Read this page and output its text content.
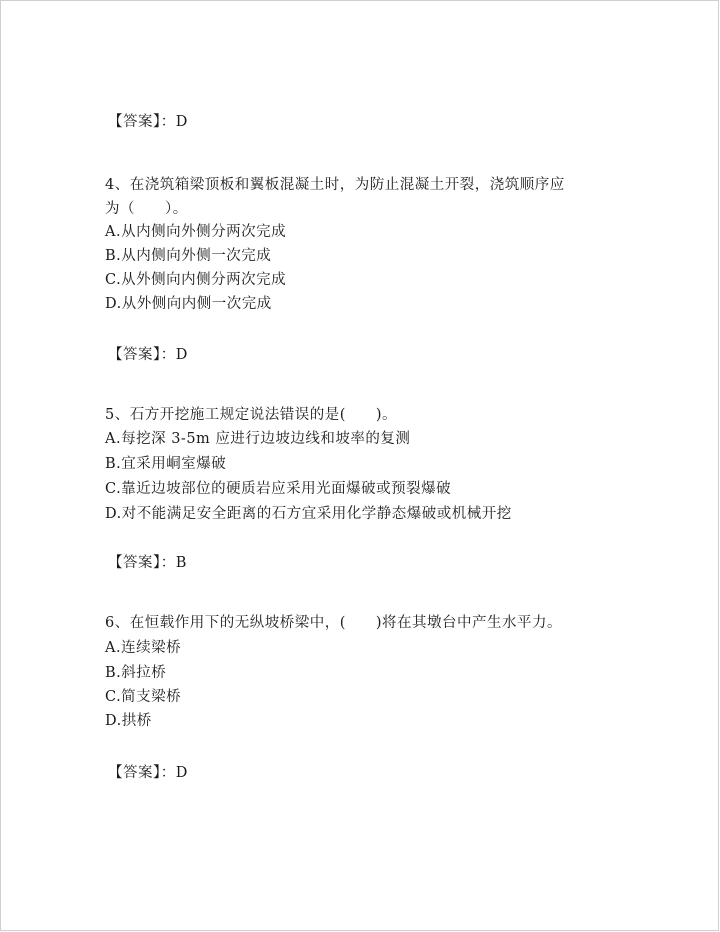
【答案】：D
4、在浇筑箱梁顶板和翼板混凝土时，为防止混凝土开裂，浇筑顺序应
为（　　）。
A.从内侧向外侧分两次完成
B.从内侧向外侧一次完成
C.从外侧向内侧分两次完成
D.从外侧向内侧一次完成
【答案】：D
5、石方开挖施工规定说法错误的是(　　)。
A.每挖深 3-5m 应进行边坡边线和坡率的复测
B.宜采用峒室爆破
C.靠近边坡部位的硬质岩应采用光面爆破或预裂爆破
D.对不能满足安全距离的石方宜采用化学静态爆破或机械开挖
【答案】：B
6、在恒载作用下的无纵坡桥梁中，(　　)将在其墩台中产生水平力。
A.连续梁桥
B.斜拉桥
C.简支梁桥
D.拱桥
【答案】：D
